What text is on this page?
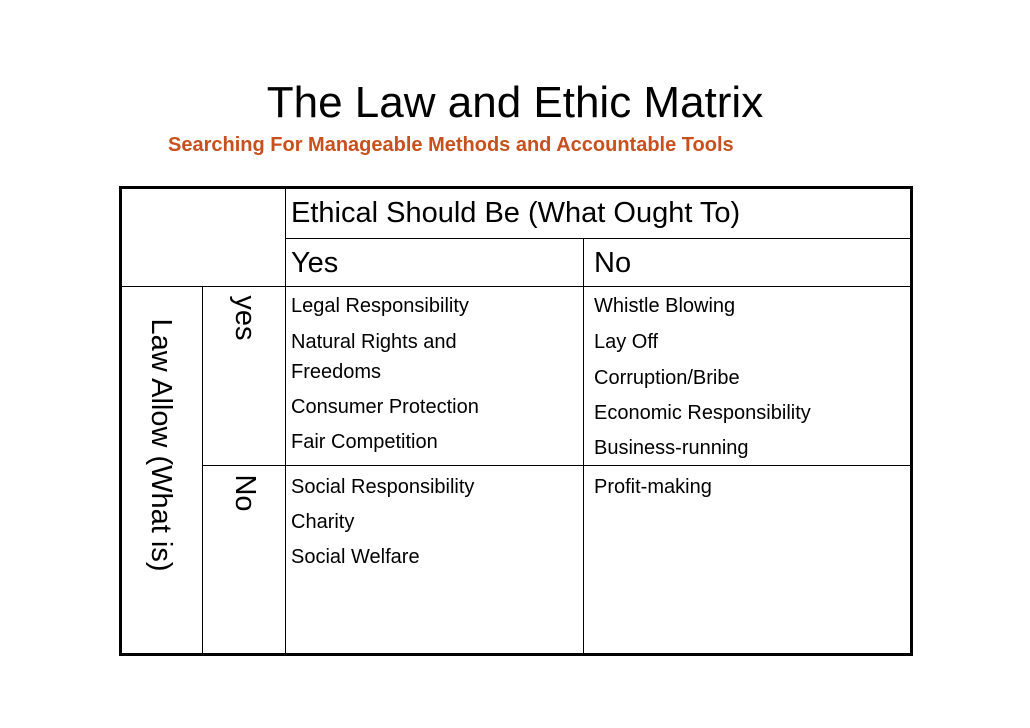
The Law and Ethic Matrix
Searching For Manageable Methods and Accountable Tools
Ethical Should Be (What Ought To)
Yes	No
Law Allow (What is)
yes
No
Legal Responsibility
Natural Rights and
Freedoms
Consumer Protection
Fair Competition
Whistle Blowing
Lay Off
Corruption/Bribe
Economic Responsibility
Business-running
Social Responsibility
Charity
Social Welfare
Profit-making
